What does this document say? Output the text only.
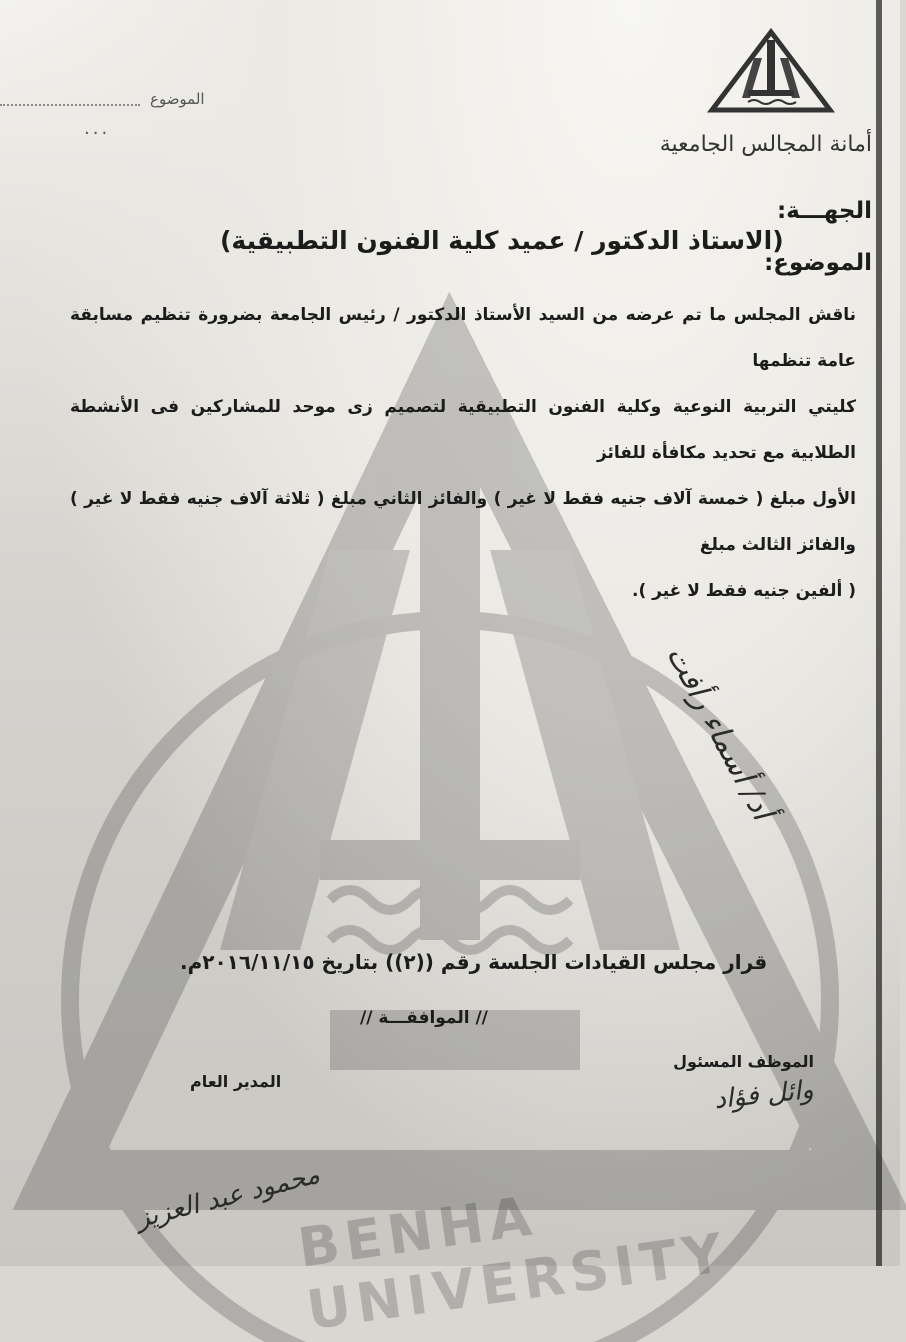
BENHA UNIVERSITY
أمانة المجالس الجامعية
الموضوع
...
الجهـــة:
(الاستاذ الدكتور / عميد كلية الفنون التطبيقية)
الموضوع:
ناقش المجلس ما تم عرضه من السيد الأستاذ الدكتور / رئيس الجامعة بضرورة تنظيم مسابقة عامة تنظمها
كليتي التربية النوعية وكلية الفنون التطبيقية لتصميم زى موحد للمشاركين فى الأنشطة الطلابية مع تحديد مكافأة للفائز
الأول مبلغ ( خمسة آلاف جنيه فقط لا غير ) والفائز الثاني مبلغ ( ثلاثة آلاف جنيه فقط لا غير ) والفائز الثالث مبلغ
( ألفين جنيه فقط لا غير ).
أد/ أسماء رأفت
قرار مجلس القيادات الجلسة رقم ((٢)) بتاريخ ٢٠١٦/١١/١٥م.
// الموافقـــة //
الموظف المسئول
وائل فؤاد
المدير العام
محمود عبد العزيز
